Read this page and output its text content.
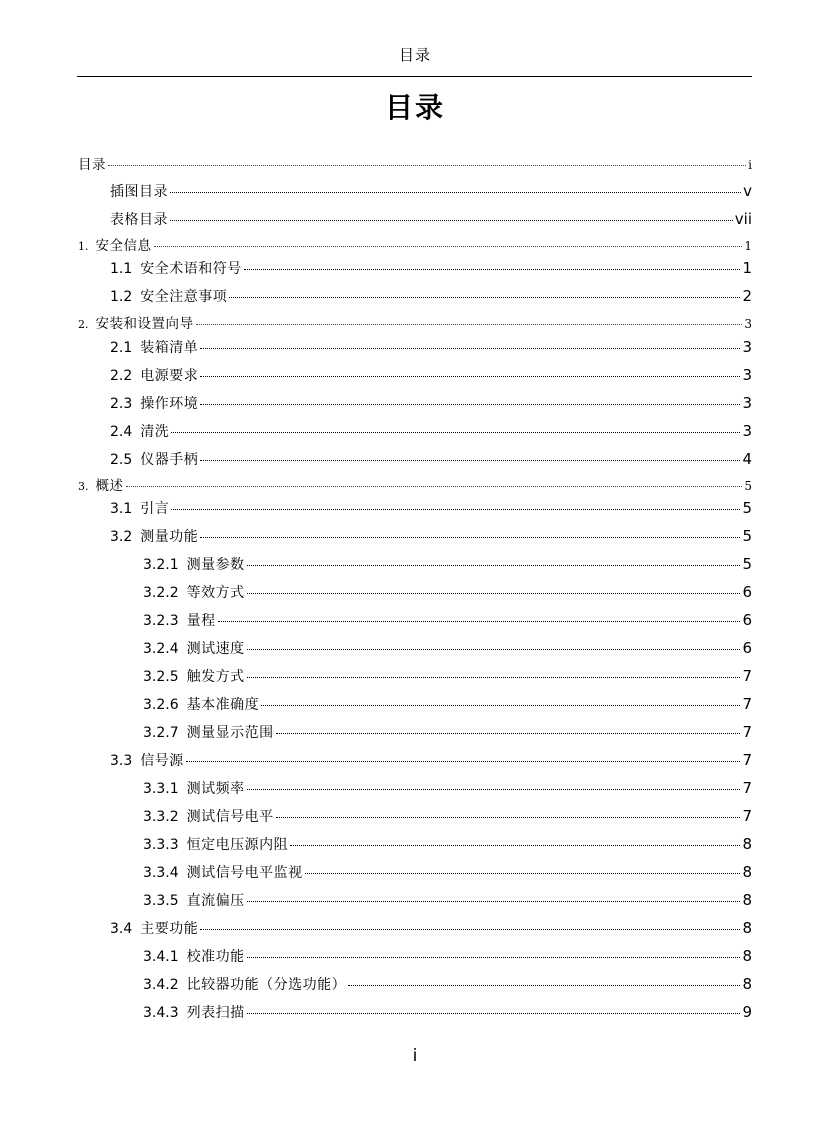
目录
目录
目录	i
插图目录	v
表格目录	vii
1. 安全信息	1
1.1 安全术语和符号	1
1.2 安全注意事项	2
2. 安装和设置向导	3
2.1 装箱清单	3
2.2 电源要求	3
2.3 操作环境	3
2.4 清洗	3
2.5 仪器手柄	4
3. 概述	5
3.1 引言	5
3.2 测量功能	5
3.2.1 测量参数	5
3.2.2 等效方式	6
3.2.3 量程	6
3.2.4 测试速度	6
3.2.5 触发方式	7
3.2.6 基本准确度	7
3.2.7 测量显示范围	7
3.3 信号源	7
3.3.1 测试频率	7
3.3.2 测试信号电平	7
3.3.3 恒定电压源内阻	8
3.3.4 测试信号电平监视	8
3.3.5 直流偏压	8
3.4 主要功能	8
3.4.1 校准功能	8
3.4.2 比较器功能（分选功能）	8
3.4.3 列表扫描	9
i
